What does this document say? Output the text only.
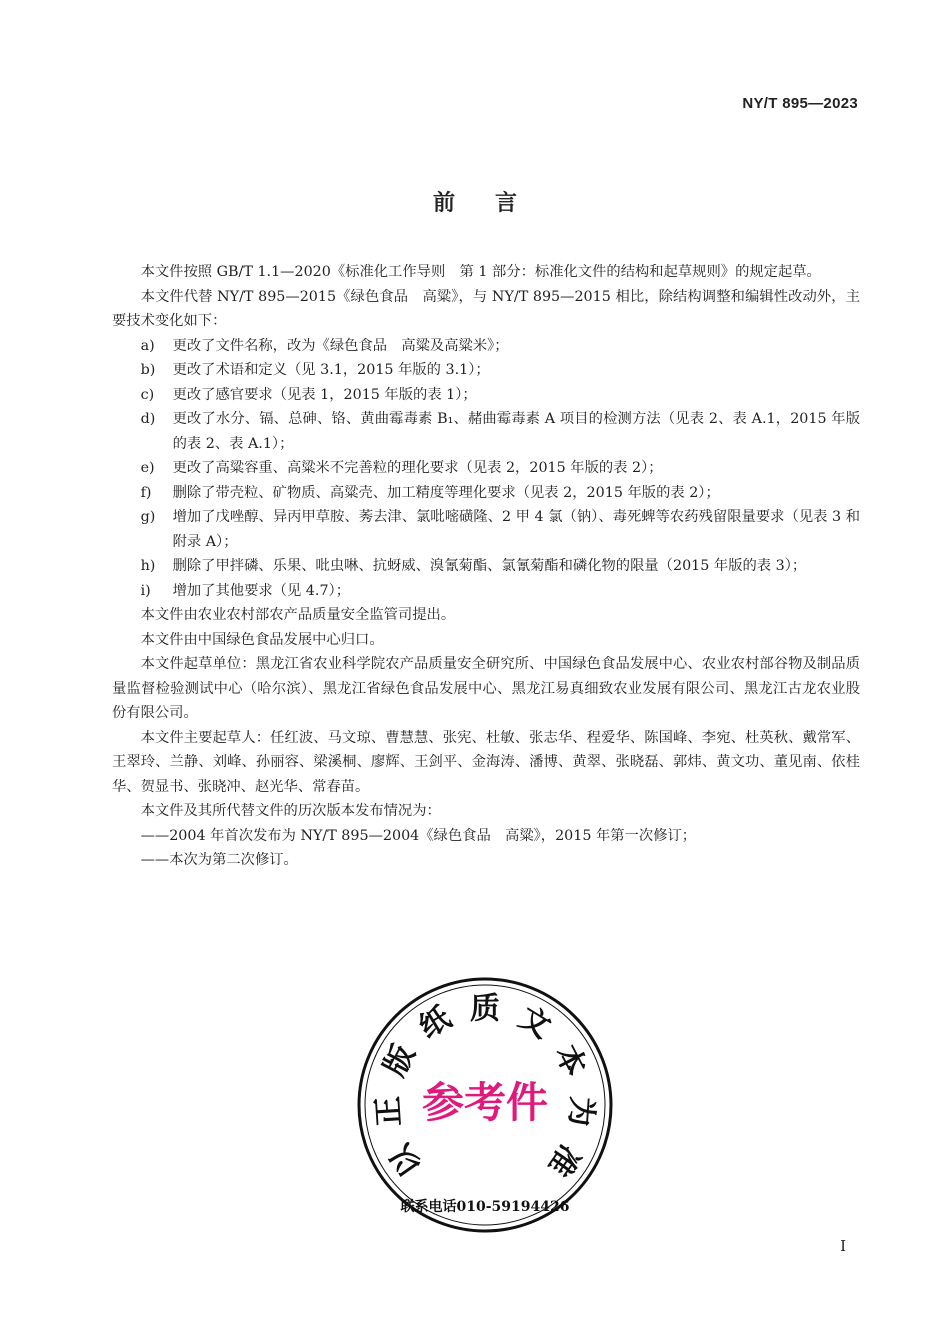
NY/T 895—2023
前言

本文件按照 GB/T 1.1—2020《标准化工作导则　第 1 部分：标准化文件的结构和起草规则》的规定起草。

本文件代替 NY/T 895—2015《绿色食品　高粱》，与 NY/T 895—2015 相比，除结构调整和编辑性改动外，主要技术变化如下：

a)	更改了文件名称，改为《绿色食品　高粱及高粱米》；
b)	更改了术语和定义（见 3.1，2015 年版的 3.1）；
c)	更改了感官要求（见表 1，2015 年版的表 1）；
d)	更改了水分、镉、总砷、铬、黄曲霉毒素 B₁、赭曲霉毒素 A 项目的检测方法（见表 2、表 A.1，2015 年版的表 2、表 A.1）；
e)	更改了高粱容重、高粱米不完善粒的理化要求（见表 2，2015 年版的表 2）；
f)	删除了带壳粒、矿物质、高粱壳、加工精度等理化要求（见表 2，2015 年版的表 2）；
g)	增加了戊唑醇、异丙甲草胺、莠去津、氯吡嘧磺隆、2 甲 4 氯（钠）、毒死蜱等农药残留限量要求（见表 3 和附录 A）；
h)	删除了甲拌磷、乐果、吡虫啉、抗蚜威、溴氰菊酯、氯氰菊酯和磷化物的限量（2015 年版的表 3）；
i)	增加了其他要求（见 4.7）；

本文件由农业农村部农产品质量安全监管司提出。

本文件由中国绿色食品发展中心归口。

本文件起草单位：黑龙江省农业科学院农产品质量安全研究所、中国绿色食品发展中心、农业农村部谷物及制品质量监督检验测试中心（哈尔滨）、黑龙江省绿色食品发展中心、黑龙江易真细致农业发展有限公司、黑龙江古龙农业股份有限公司。

本文件主要起草人：任红波、马文琼、曹慧慧、张宪、杜敏、张志华、程爱华、陈国峰、李宛、杜英秋、戴常军、王翠玲、兰静、刘峰、孙丽容、梁溪桐、廖辉、王剑平、金海涛、潘博、黄翠、张晓磊、郭炜、黄文功、董见南、依桂华、贺显书、张晓冲、赵光华、常春苗。

本文件及其所代替文件的历次版本发布情况为：

——2004 年首次发布为 NY/T 895—2004《绿色食品　高粱》，2015 年第一次修订；
——本次为第二次修订。
以
正
版
纸 质 文
本
为
准
参考件
联系电话010-59194426
I
